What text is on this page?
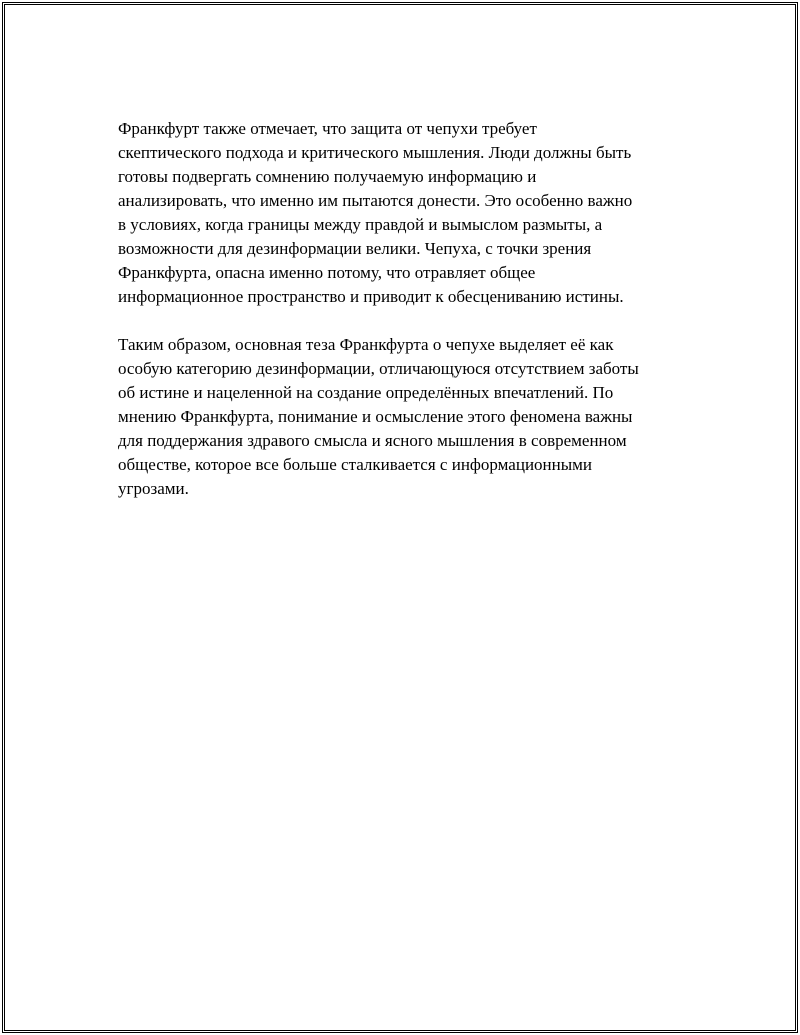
Франкфурт также отмечает, что защита от чепухи требует
скептического подхода и критического мышления. Люди должны быть
готовы подвергать сомнению получаемую информацию и
анализировать, что именно им пытаются донести. Это особенно важно
в условиях, когда границы между правдой и вымыслом размыты, а
возможности для дезинформации велики. Чепуха, с точки зрения
Франкфурта, опасна именно потому, что отравляет общее
информационное пространство и приводит к обесцениванию истины.

Таким образом, основная теза Франкфурта о чепухе выделяет её как
особую категорию дезинформации, отличающуюся отсутствием заботы
об истине и нацеленной на создание определённых впечатлений. По
мнению Франкфурта, понимание и осмысление этого феномена важны
для поддержания здравого смысла и ясного мышления в современном
обществе, которое все больше сталкивается с информационными
угрозами.
